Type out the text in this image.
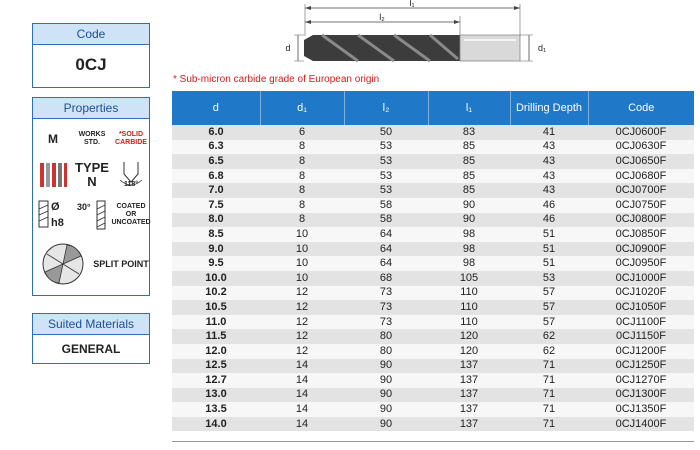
Code
0CJ
Properties
M	WORKS STD.
*SOLID CARBIDE
TYPE
N	118°
Ø
h8
30°	COATED OR UNCOATED
SPLIT POINT
Suited Materials
GENERAL
l₁
l₂
d	d₁
* Sub-micron carbide grade of European origin
d	d₁	l₂	l₁	Drilling Depth	Code
6.0	6	50	83	41	0CJ0600F
6.3	8	53	85	43	0CJ0630F
6.5	8	53	85	43	0CJ0650F
6.8	8	53	85	43	0CJ0680F
7.0	8	53	85	43	0CJ0700F
7.5	8	58	90	46	0CJ0750F
8.0	8	58	90	46	0CJ0800F
8.5	10	64	98	51	0CJ0850F
9.0	10	64	98	51	0CJ0900F
9.5	10	64	98	51	0CJ0950F
10.0	10	68	105	53	0CJ1000F
10.2	12	73	110	57	0CJ1020F
10.5	12	73	110	57	0CJ1050F
11.0	12	73	110	57	0CJ1100F
11.5	12	80	120	62	0CJ1150F
12.0	12	80	120	62	0CJ1200F
12.5	14	90	137	71	0CJ1250F
12.7	14	90	137	71	0CJ1270F
13.0	14	90	137	71	0CJ1300F
13.5	14	90	137	71	0CJ1350F
14.0	14	90	137	71	0CJ1400F
